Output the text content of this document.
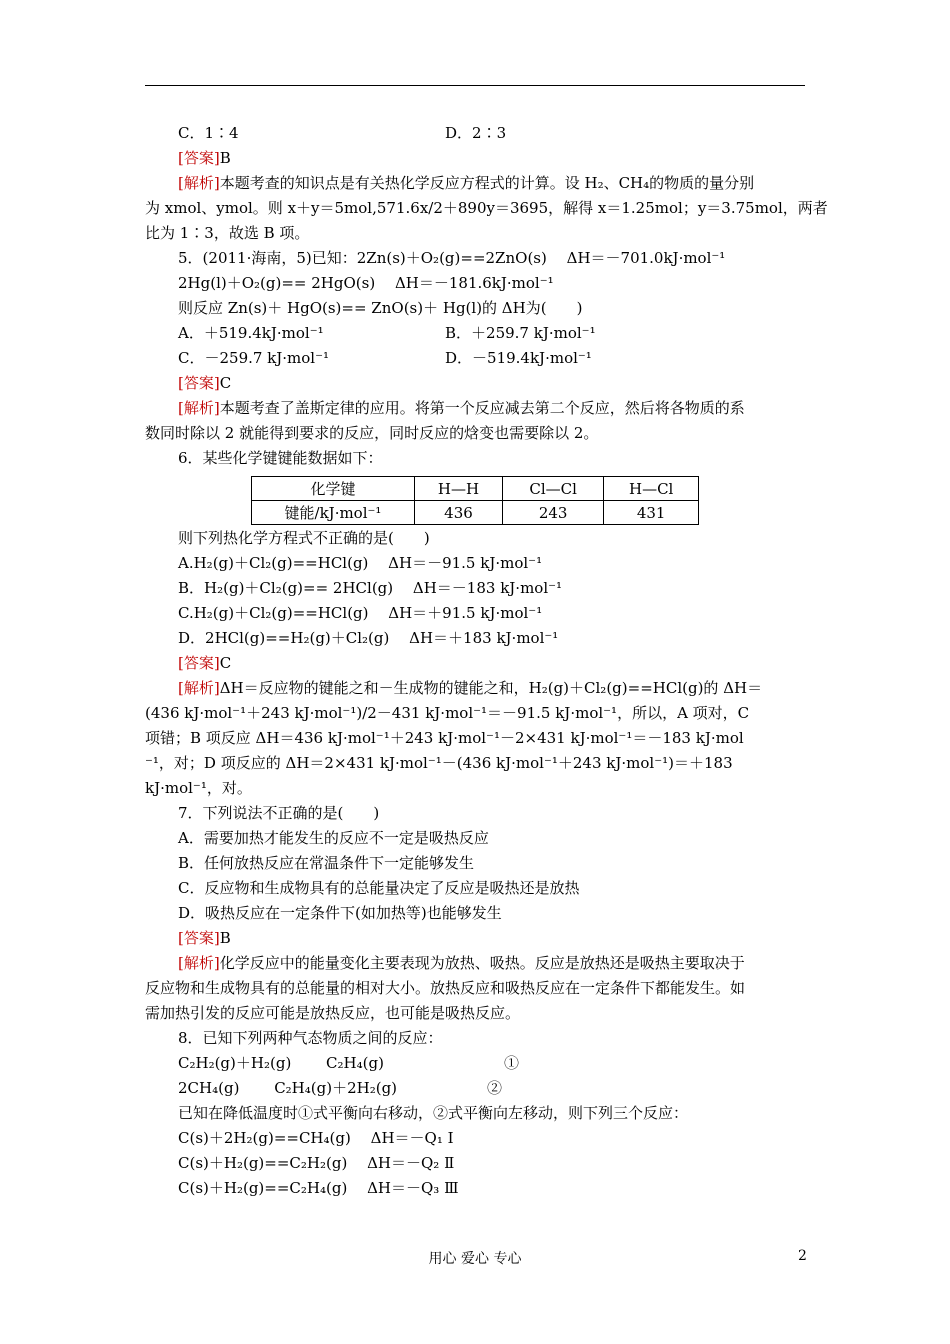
C．1∶4	D．2∶3
[答案]B
[解析]本题考查的知识点是有关热化学反应方程式的计算。设 H₂、CH₄的物质的量分别
为 xmol、ymol。则 x＋y＝5mol,571.6x/2＋890y＝3695，解得 x＝1.25mol；y＝3.75mol，两者
比为 1∶3，故选 B 项。
5．(2011·海南，5)已知：2Zn(s)＋O₂(g)==2ZnO(s)　 ΔH＝－701.0kJ·mol⁻¹
2Hg(l)＋O₂(g)== 2HgO(s)　 ΔH＝－181.6kJ·mol⁻¹
则反应 Zn(s)＋ HgO(s)== ZnO(s)＋ Hg(l)的 ΔH为(　　)
A．＋519.4kJ·mol⁻¹	B．＋259.7 kJ·mol⁻¹
C．－259.7 kJ·mol⁻¹	D．－519.4kJ·mol⁻¹
[答案]C
[解析]本题考查了盖斯定律的应用。将第一个反应减去第二个反应，然后将各物质的系
数同时除以 2 就能得到要求的反应，同时反应的焓变也需要除以 2。
6．某些化学键键能数据如下：
则下列热化学方程式不正确的是(　　)
A.H₂(g)＋Cl₂(g)==HCl(g)　 ΔH＝－91.5 kJ·mol⁻¹
B．H₂(g)＋Cl₂(g)== 2HCl(g)　 ΔH＝－183 kJ·mol⁻¹
C.H₂(g)＋Cl₂(g)==HCl(g)　 ΔH＝＋91.5 kJ·mol⁻¹
D．2HCl(g)==H₂(g)＋Cl₂(g)　 ΔH＝＋183 kJ·mol⁻¹
[答案]C
[解析]ΔH＝反应物的键能之和－生成物的键能之和，H₂(g)＋Cl₂(g)==HCl(g)的 ΔH＝
(436 kJ·mol⁻¹＋243 kJ·mol⁻¹)/2－431 kJ·mol⁻¹＝－91.5 kJ·mol⁻¹，所以，A 项对，C
项错；B 项反应 ΔH＝436 kJ·mol⁻¹＋243 kJ·mol⁻¹－2×431 kJ·mol⁻¹＝－183 kJ·mol
⁻¹，对；D 项反应的 ΔH＝2×431 kJ·mol⁻¹－(436 kJ·mol⁻¹＋243 kJ·mol⁻¹)＝＋183
kJ·mol⁻¹，对。
7．下列说法不正确的是(　　)
A．需要加热才能发生的反应不一定是吸热反应
B．任何放热反应在常温条件下一定能够发生
C．反应物和生成物具有的总能量决定了反应是吸热还是放热
D．吸热反应在一定条件下(如加热等)也能够发生
[答案]B
[解析]化学反应中的能量变化主要表现为放热、吸热。反应是放热还是吸热主要取决于
反应物和生成物具有的总能量的相对大小。放热反应和吸热反应在一定条件下都能发生。如
需加热引发的反应可能是放热反应，也可能是吸热反应。
8．已知下列两种气态物质之间的反应：
C₂H₂(g)＋H₂(g)　　 C₂H₄(g)　　　　　　　　①
2CH₄(g)　　 C₂H₄(g)＋2H₂(g)　　　　　　②
已知在降低温度时①式平衡向右移动，②式平衡向左移动，则下列三个反应：
C(s)＋2H₂(g)==CH₄(g)　 ΔH＝－Q₁ Ⅰ
C(s)＋H₂(g)==C₂H₂(g)　 ΔH＝－Q₂ Ⅱ
C(s)＋H₂(g)==C₂H₄(g)　 ΔH＝－Q₃ Ⅲ
化学键	H—H	Cl—Cl	H—Cl
键能/kJ·mol⁻¹	436	243	431
用心 爱心 专心	2
